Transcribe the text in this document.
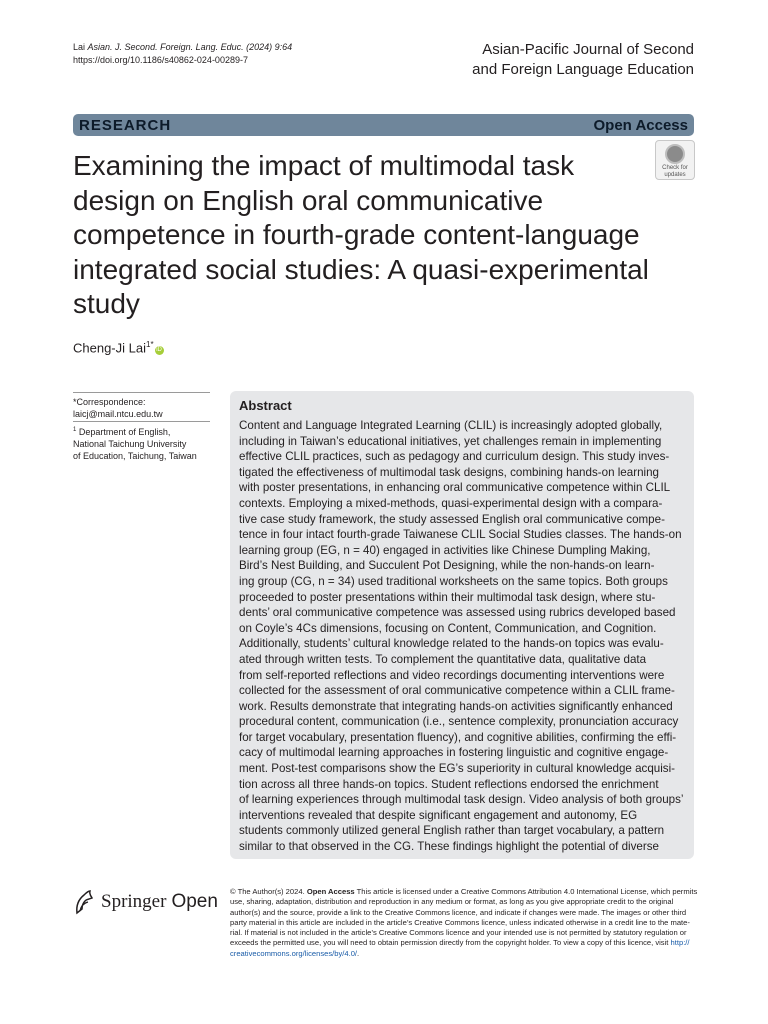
Lai Asian. J. Second. Foreign. Lang. Educ. (2024) 9:64
https://doi.org/10.1186/s40862-024-00289-7
Asian-Pacific Journal of Second
and Foreign Language Education
RESEARCH	Open Access
Examining the impact of multimodal task design on English oral communicative competence in fourth-grade content-language integrated social studies: A quasi-experimental study
Check for
updates
Cheng-Ji Lai$^{1*}$iD
*Correspondence:
laicj@mail.ntcu.edu.tw
$^1$ Department of English,
National Taichung University
of Education, Taichung, Taiwan
Abstract
Content and Language Integrated Learning (CLIL) is increasingly adopted globally,
including in Taiwan’s educational initiatives, yet challenges remain in implementing
effective CLIL practices, such as pedagogy and curriculum design. This study inves-
tigated the effectiveness of multimodal task designs, combining hands-on learning
with poster presentations, in enhancing oral communicative competence within CLIL
contexts. Employing a mixed-methods, quasi-experimental design with a compara-
tive case study framework, the study assessed English oral communicative compe-
tence in four intact fourth-grade Taiwanese CLIL Social Studies classes. The hands-on
learning group (EG, n = 40) engaged in activities like Chinese Dumpling Making,
Bird’s Nest Building, and Succulent Pot Designing, while the non-hands-on learn-
ing group (CG, n = 34) used traditional worksheets on the same topics. Both groups
proceeded to poster presentations within their multimodal task design, where stu-
dents’ oral communicative competence was assessed using rubrics developed based
on Coyle’s 4Cs dimensions, focusing on Content, Communication, and Cognition.
Additionally, students’ cultural knowledge related to the hands-on topics was evalu-
ated through written tests. To complement the quantitative data, qualitative data
from self-reported reflections and video recordings documenting interventions were
collected for the assessment of oral communicative competence within a CLIL frame-
work. Results demonstrate that integrating hands-on activities significantly enhanced
procedural content, communication (i.e., sentence complexity, pronunciation accuracy
for target vocabulary, presentation fluency), and cognitive abilities, confirming the effi-
cacy of multimodal learning approaches in fostering linguistic and cognitive engage-
ment. Post-test comparisons show the EG’s superiority in cultural knowledge acquisi-
tion across all three hands-on topics. Student reflections endorsed the enrichment
of learning experiences through multimodal task design. Video analysis of both groups’
interventions revealed that despite significant engagement and autonomy, EG
students commonly utilized general English rather than target vocabulary, a pattern
similar to that observed in the CG. These findings highlight the potential of diverse
Springer Open © The Author(s) 2024. Open Access This article is licensed under a Creative Commons Attribution 4.0 International License, which permits
use, sharing, adaptation, distribution and reproduction in any medium or format, as long as you give appropriate credit to the original
author(s) and the source, provide a link to the Creative Commons licence, and indicate if changes were made. The images or other third
party material in this article are included in the article’s Creative Commons licence, unless indicated otherwise in a credit line to the mate-
rial. If material is not included in the article’s Creative Commons licence and your intended use is not permitted by statutory regulation or
exceeds the permitted use, you will need to obtain permission directly from the copyright holder. To view a copy of this licence, visit http://
creativecommons.org/licenses/by/4.0/.
